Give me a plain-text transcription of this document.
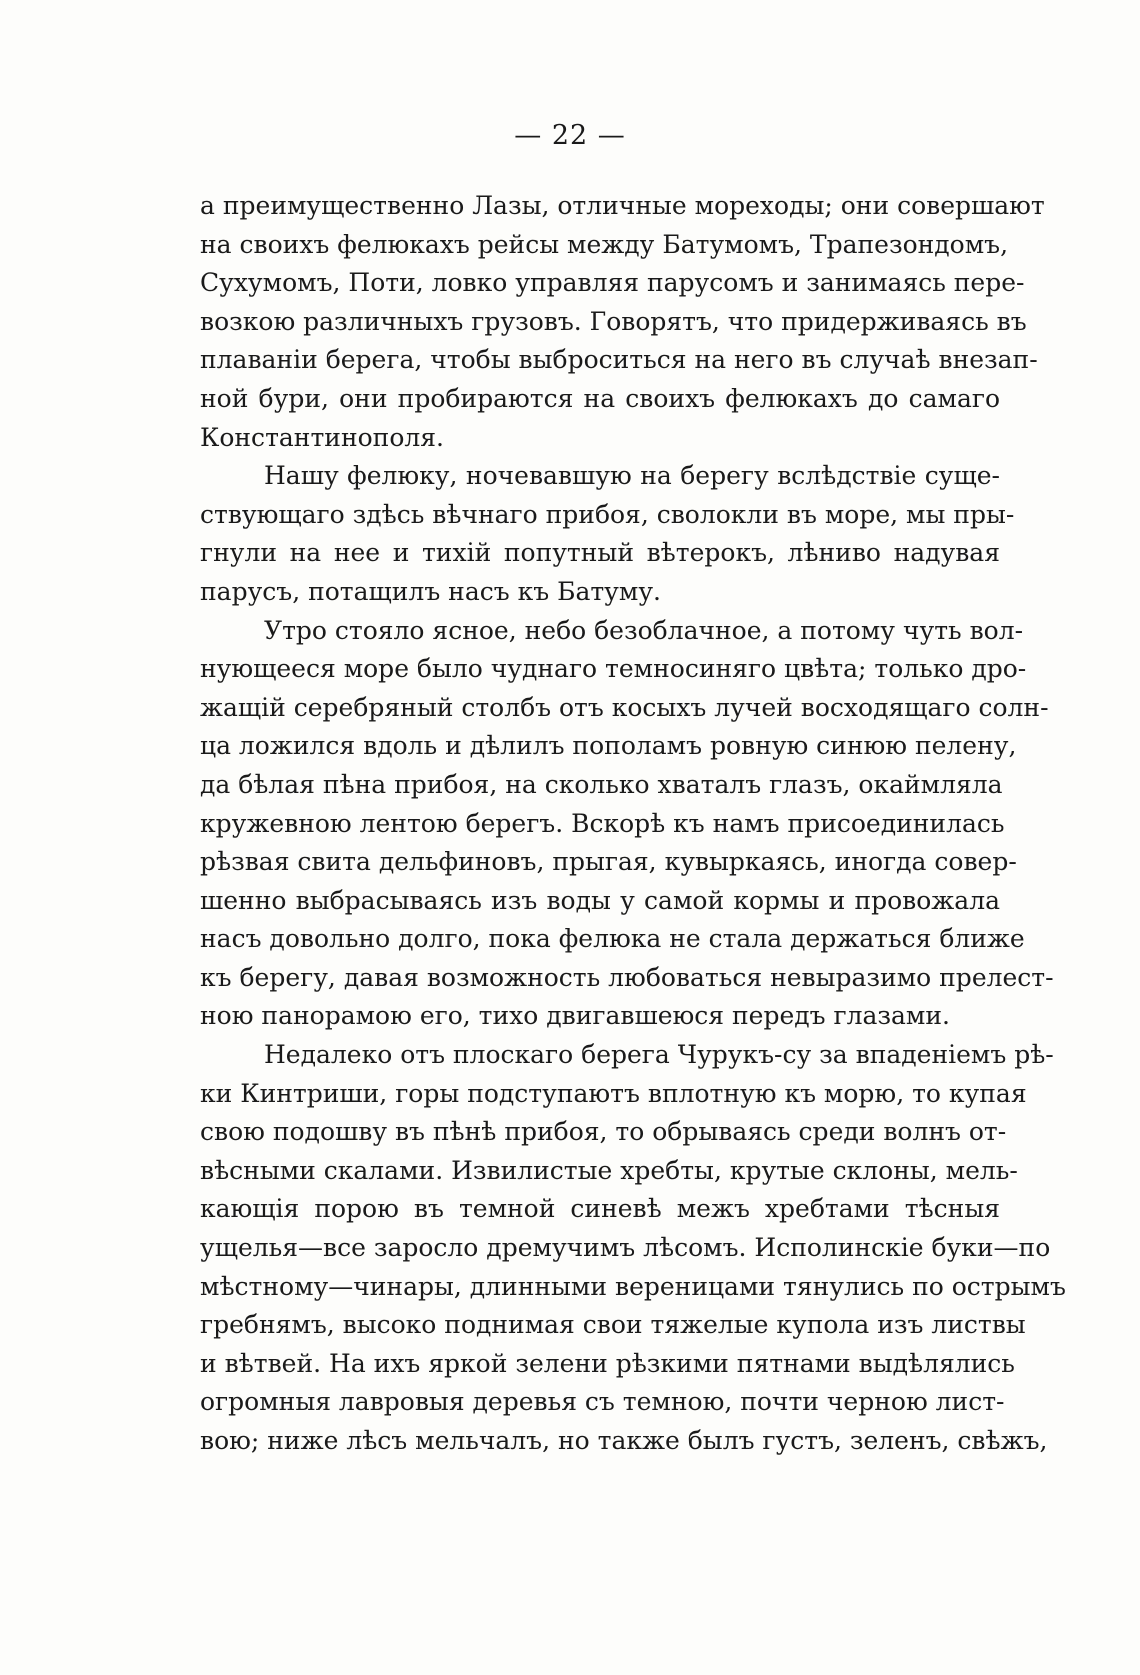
— 22 —
а преимущественно Лазы, отличные мореходы; они совершают
на своихъ фелюкахъ рейсы между Батумомъ, Трапезондомъ,
Сухумомъ, Поти, ловко управляя парусомъ и занимаясь пере-
возкою различныхъ грузовъ. Говорятъ, что придерживаясь въ
плаваніи берега, чтобы выброситься на него въ случаѣ внезап-
ной бури, они пробираются на своихъ фелюкахъ до самаго
Константинополя.
Нашу фелюку, ночевавшую на берегу вслѣдствіе суще-
ствующаго здѣсь вѣчнаго прибоя, сволокли въ море, мы пры-
гнули на нее и тихій попутный вѣтерокъ, лѣниво надувая
парусъ, потащилъ насъ къ Батуму.
Утро стояло ясное, небо безоблачное, а потому чуть вол-
нующееся море было чуднаго темносиняго цвѣта; только дро-
жащій серебряный столбъ отъ косыхъ лучей восходящаго солн-
ца ложился вдоль и дѣлилъ пополамъ ровную синюю пелену,
да бѣлая пѣна прибоя, на сколько хваталъ глазъ, окаймляла
кружевною лентою берегъ. Вскорѣ къ намъ присоединилась
рѣзвая свита дельфиновъ, прыгая, кувыркаясь, иногда совер-
шенно выбрасываясь изъ воды у самой кормы и провожала
насъ довольно долго, пока фелюка не стала держаться ближе
къ берегу, давая возможность любоваться невыразимо прелест-
ною панорамою его, тихо двигавшеюся передъ глазами.
Недалеко отъ плоскаго берега Чурукъ-су за впаденіемъ рѣ-
ки Кинтриши, горы подступаютъ вплотную къ морю, то купая
свою подошву въ пѣнѣ прибоя, то обрываясь среди волнъ от-
вѣсными скалами. Извилистые хребты, крутые склоны, мель-
кающія порою въ темной синевѣ межъ хребтами тѣсныя
ущелья—все заросло дремучимъ лѣсомъ. Исполинскіе буки—по
мѣстному—чинары, длинными вереницами тянулись по острымъ
гребнямъ, высоко поднимая свои тяжелые купола изъ листвы
и вѣтвей. На ихъ яркой зелени рѣзкими пятнами выдѣлялись
огромныя лавровыя деревья съ темною, почти черною лист-
вою; ниже лѣсъ мельчалъ, но также былъ густъ, зеленъ, свѣжъ,
